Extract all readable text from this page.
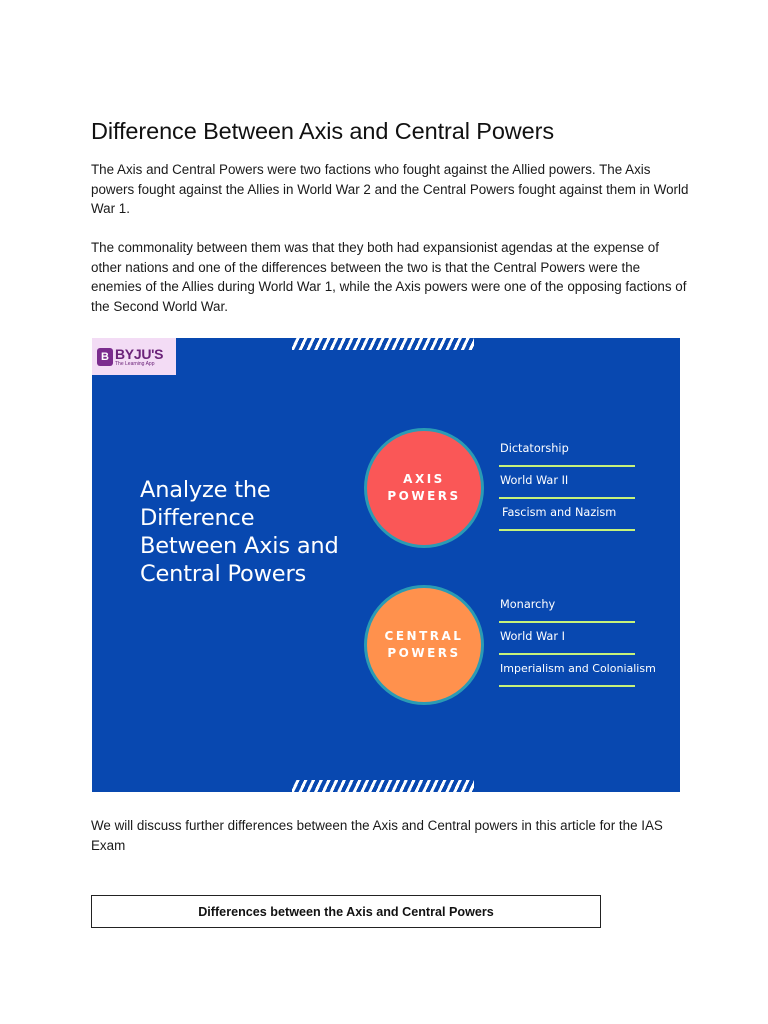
Difference Between Axis and Central Powers

The Axis and Central Powers were two factions who fought against the Allied powers. The Axis powers fought against the Allies in World War 2 and the Central Powers fought against them in World War 1.

The commonality between them was that they both had expansionist agendas at the expense of other nations and one of the differences between the two is that the Central Powers were the enemies of the Allies during World War 1, while the Axis powers were one of the opposing factions of the Second World War.

B BYJU'S
The Learning App
Analyze the Difference Between Axis and Central Powers
AXIS POWERS
Dictatorship
World War II
Fascism and Nazism
CENTRAL POWERS
Monarchy
World War I
Imperialism and Colonialism

We will discuss further differences between the Axis and Central powers in this article for the IAS Exam

Differences between the Axis and Central Powers
